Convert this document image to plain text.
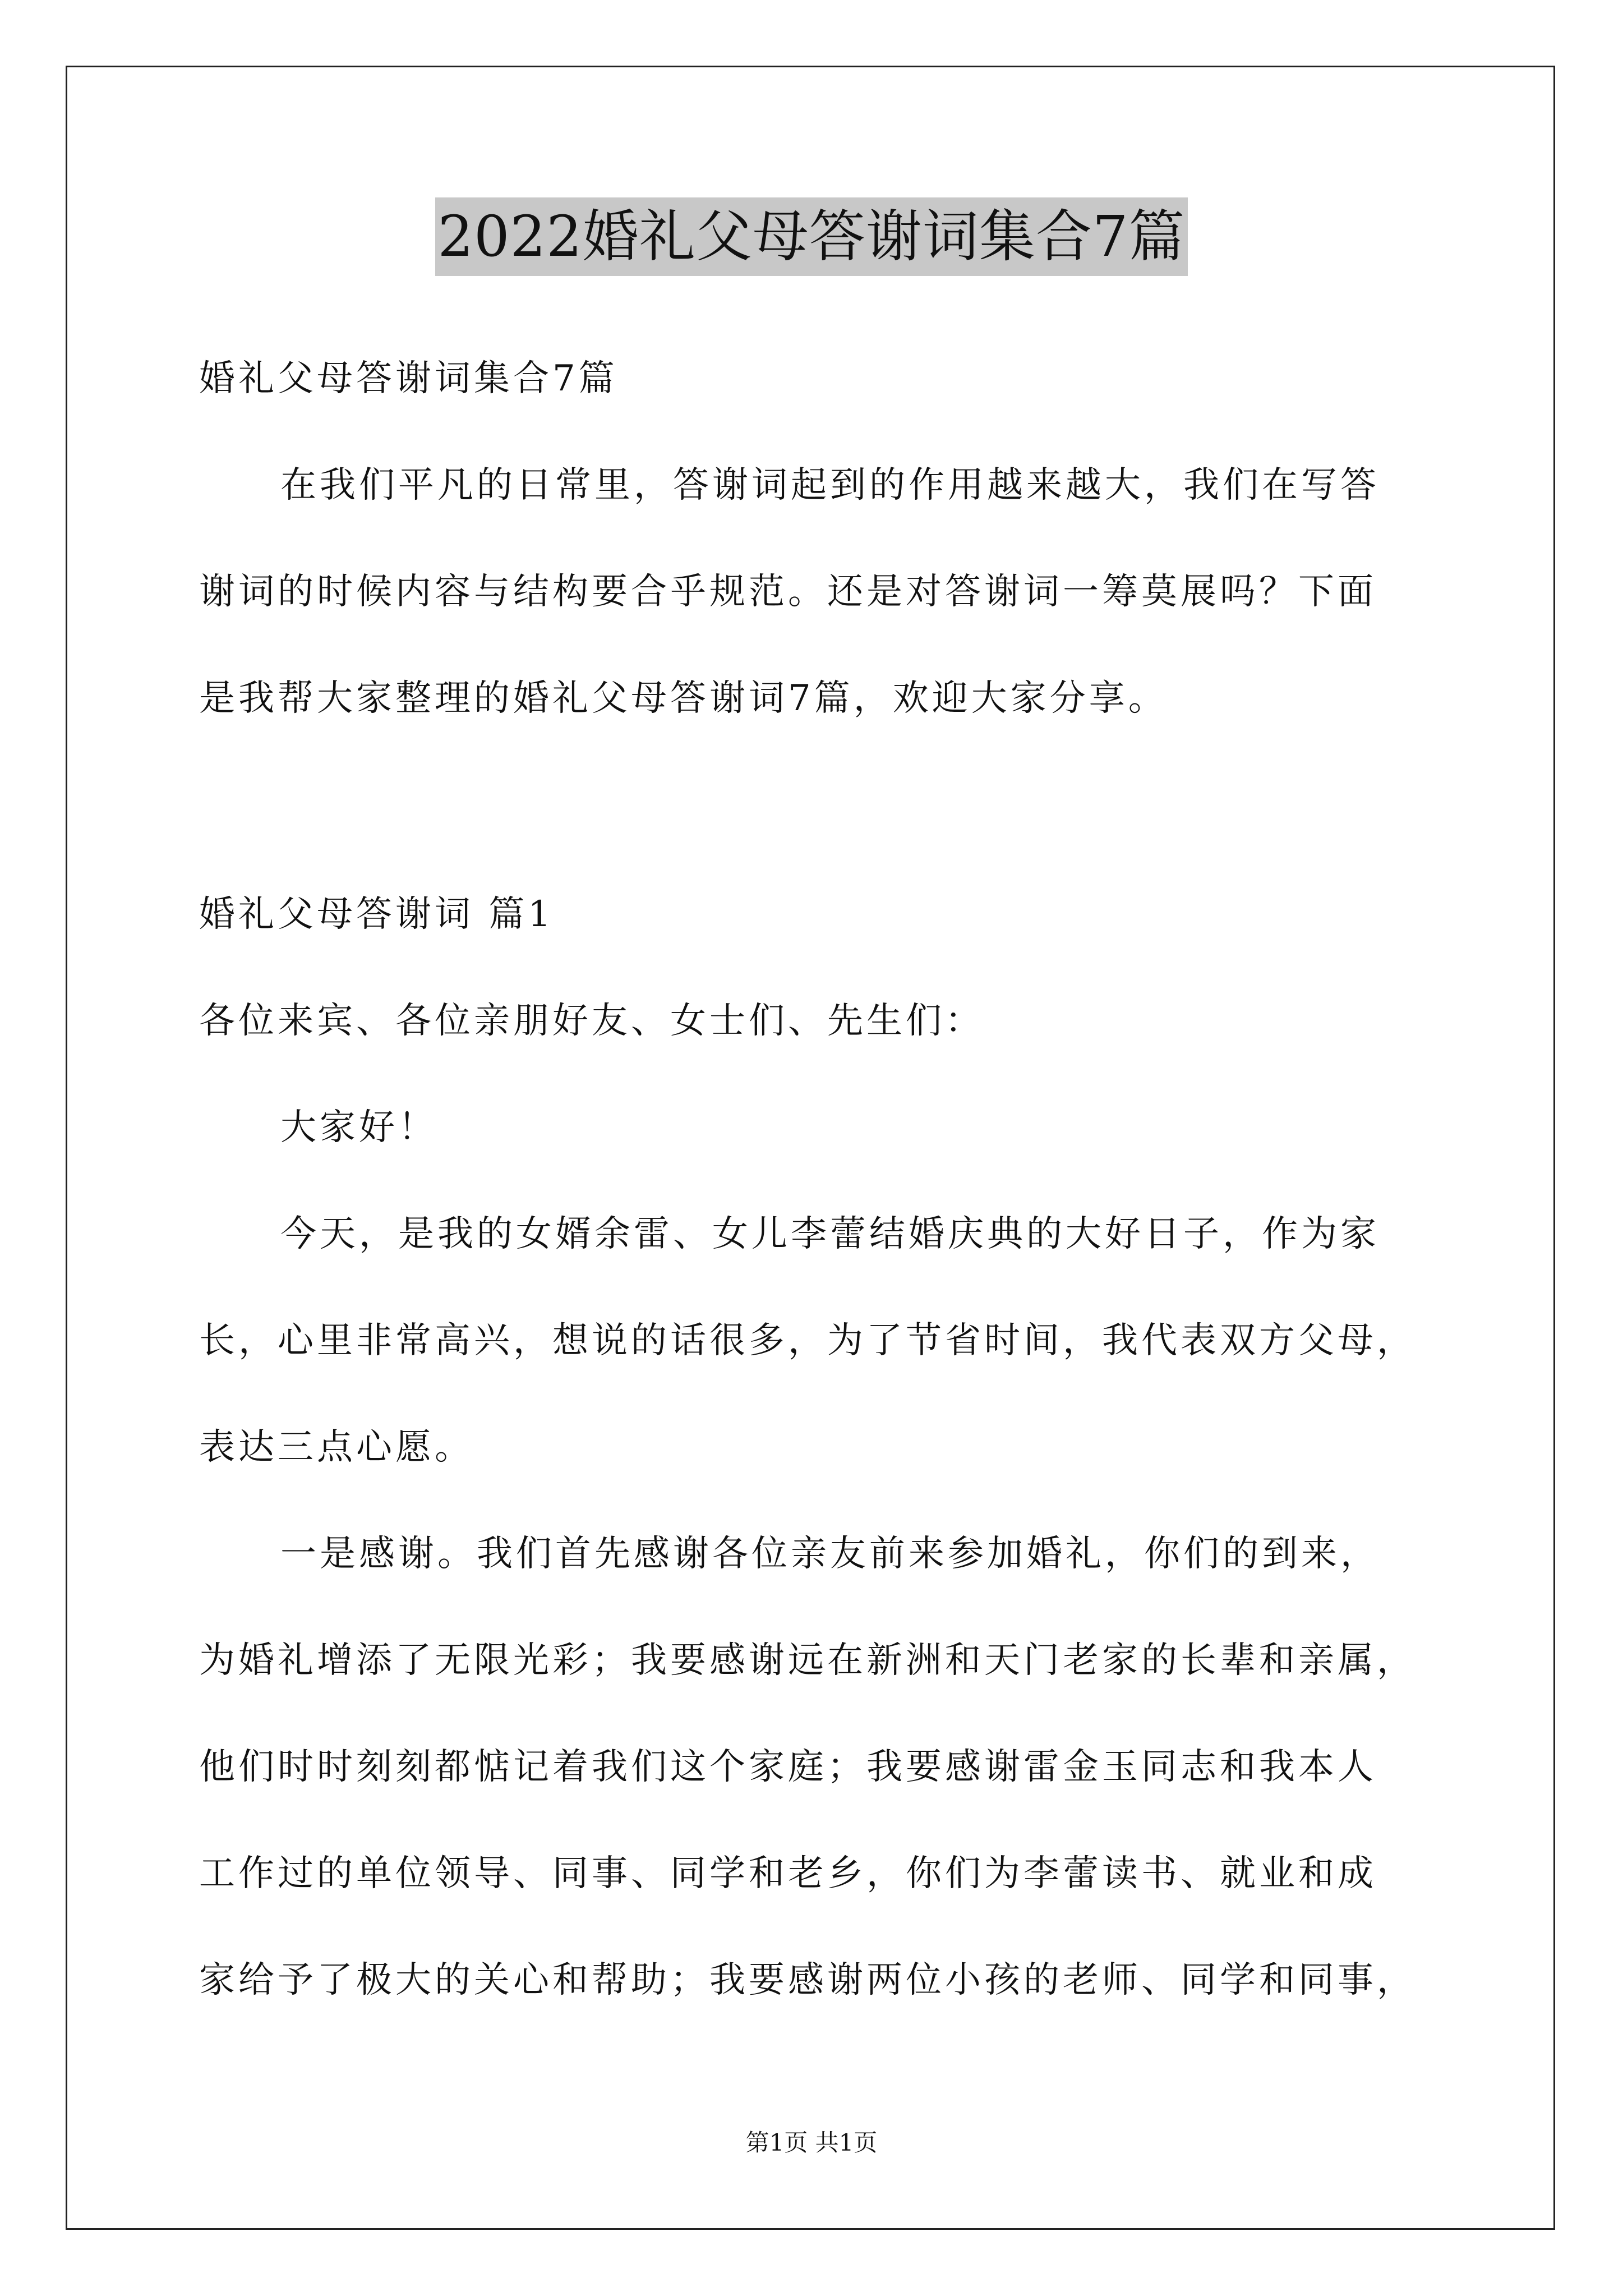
2022婚礼父母答谢词集合7篇
婚礼父母答谢词集合7篇
在我们平凡的日常里，答谢词起到的作用越来越大，我们在写答
谢词的时候内容与结构要合乎规范。还是对答谢词一筹莫展吗？下面
是我帮大家整理的婚礼父母答谢词7篇，欢迎大家分享。
婚礼父母答谢词 篇1
各位来宾、各位亲朋好友、女士们、先生们：
大家好！
今天，是我的女婿余雷、女儿李蕾结婚庆典的大好日子，作为家
长，心里非常高兴，想说的话很多，为了节省时间，我代表双方父母，
表达三点心愿。
一是感谢。我们首先感谢各位亲友前来参加婚礼，你们的到来，
为婚礼增添了无限光彩；我要感谢远在新洲和天门老家的长辈和亲属，
他们时时刻刻都惦记着我们这个家庭；我要感谢雷金玉同志和我本人
工作过的单位领导、同事、同学和老乡，你们为李蕾读书、就业和成
家给予了极大的关心和帮助；我要感谢两位小孩的老师、同学和同事，
第1页 共1页
